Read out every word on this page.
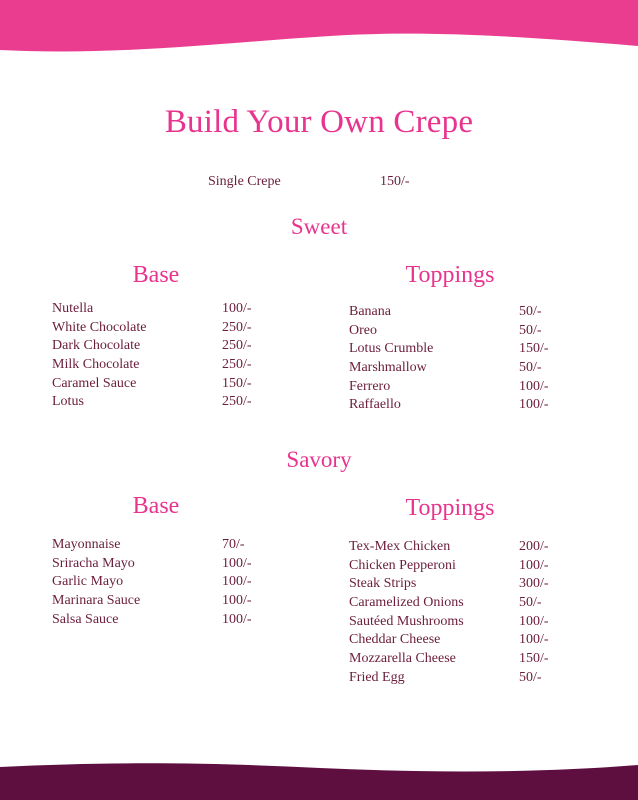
Build Your Own Crepe
Single Crepe	150/-
Sweet
Base	Toppings
Nutella	100/-
White Chocolate	250/-
Dark Chocolate	250/-
Milk Chocolate	250/-
Caramel Sauce	150/-
Lotus	250/-
Banana	50/-
Oreo	50/-
Lotus Crumble	150/-
Marshmallow	50/-
Ferrero	100/-
Raffaello	100/-
Savory
Base	Toppings
Mayonnaise	70/-
Sriracha Mayo	100/-
Garlic Mayo	100/-
Marinara Sauce	100/-
Salsa Sauce	100/-
Tex-Mex Chicken	200/-
Chicken Pepperoni	100/-
Steak Strips	300/-
Caramelized Onions	50/-
Sautéed Mushrooms	100/-
Cheddar Cheese	100/-
Mozzarella Cheese	150/-
Fried Egg	50/-
